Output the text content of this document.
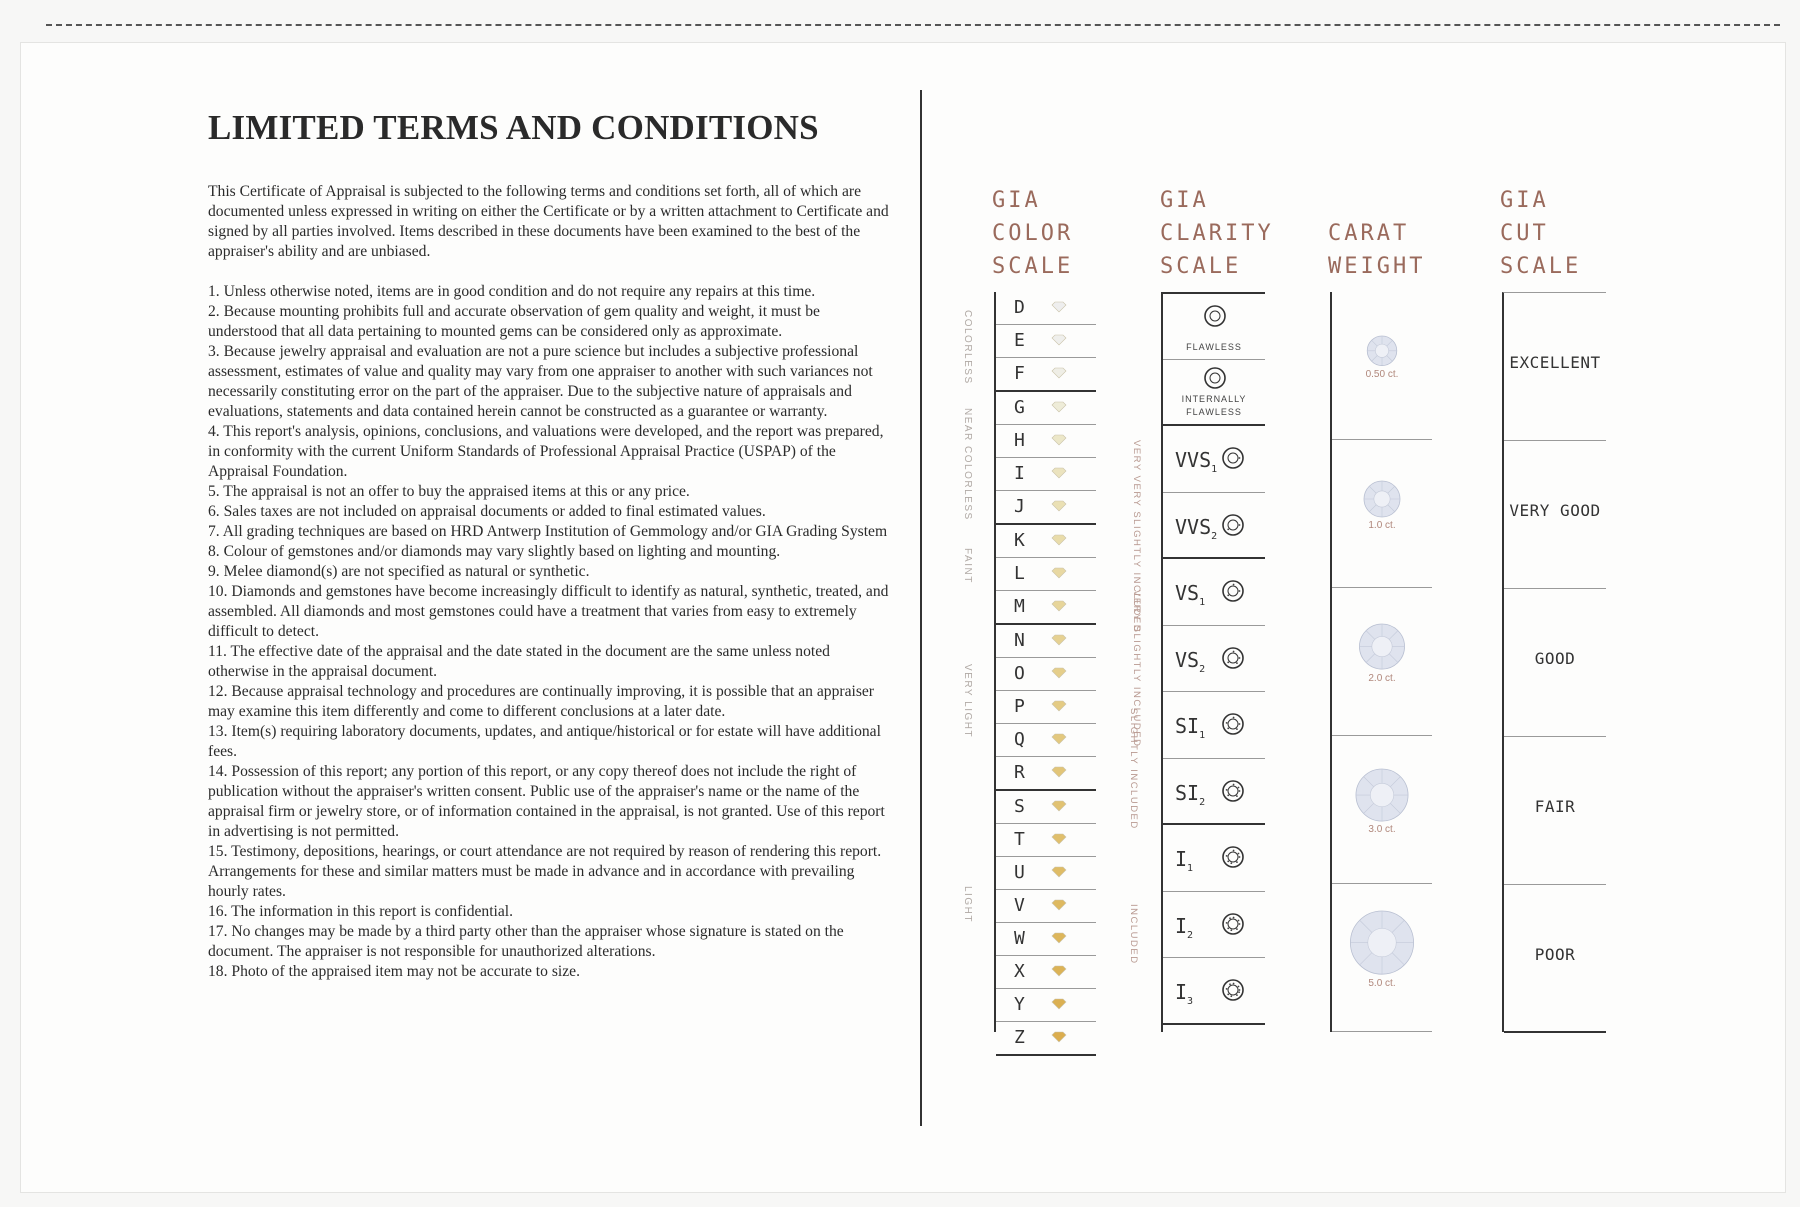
LIMITED TERMS AND CONDITIONS

This Certificate of Appraisal is subjected to the following terms and conditions set forth, all of which are documented unless expressed in writing on either the Certificate or by a written attachment to Certificate and signed by all parties involved. Items described in these documents have been examined to the best of the appraiser's ability and are unbiased.

1. Unless otherwise noted, items are in good condition and do not require any repairs at this time.
2. Because mounting prohibits full and accurate observation of gem quality and weight, it must be understood that all data pertaining to mounted gems can be considered only as approximate.
3. Because jewelry appraisal and evaluation are not a pure science but includes a subjective professional assessment, estimates of value and quality may vary from one appraiser to another with such variances not necessarily constituting error on the part of the appraiser. Due to the subjective nature of appraisals and evaluations, statements and data contained herein cannot be constructed as a guarantee or warranty.
4. This report's analysis, opinions, conclusions, and valuations were developed, and the report was prepared, in conformity with the current Uniform Standards of Professional Appraisal Practice (USPAP) of the Appraisal Foundation.
5. The appraisal is not an offer to buy the appraised items at this or any price.
6. Sales taxes are not included on appraisal documents or added to final estimated values.
7. All grading techniques are based on HRD Antwerp Institution of Gemmology and/or GIA Grading System
8. Colour of gemstones and/or diamonds may vary slightly based on lighting and mounting.
9. Melee diamond(s) are not specified as natural or synthetic.
10. Diamonds and gemstones have become increasingly difficult to identify as natural, synthetic, treated, and assembled. All diamonds and most gemstones could have a treatment that varies from easy to extremely difficult to detect.
11. The effective date of the appraisal and the date stated in the document are the same unless noted otherwise in the appraisal document.
12. Because appraisal technology and procedures are continually improving, it is possible that an appraiser may examine this item differently and come to different conclusions at a later date.
13. Item(s) requiring laboratory documents, updates, and antique/historical or for estate will have additional fees.
14. Possession of this report; any portion of this report, or any copy thereof does not include the right of publication without the appraiser's written consent. Public use of the appraiser's name or the name of the appraisal firm or jewelry store, or of information contained in the appraisal, is not granted. Use of this report in advertising is not permitted.
15. Testimony, depositions, hearings, or court attendance are not required by reason of rendering this report. Arrangements for these and similar matters must be made in advance and in accordance with prevailing hourly rates.
16. The information in this report is confidential.
17. No changes may be made by a third party other than the appraiser whose signature is stated on the document. The appraiser is not responsible for unauthorized alterations.
18. Photo of the appraised item may not be accurate to size.
GIA
COLOR
SCALE
GIA
CLARITY
SCALE
CARAT
WEIGHT
GIA
CUT
SCALE
COLORLESS
NEAR COLORLESS
FAINT
VERY LIGHT
LIGHT
D
E
F
G
H
I
J
K
L
M
N
O
P
Q
R
S
T
U
V
W
X
Y
Z
VERY VERY SLIGHTLY INCLUDED
VERY SLIGHTLY INCLUDED
SLIGHTLY INCLUDED
INCLUDED
FLAWLESS
INTERNALLY
FLAWLESS
$VVS_1$
$VVS_2$
$VS_1$
$VS_2$
$SI_1$
$SI_2$
$I_1$
$I_2$
$I_3$
0.50 ct.
1.0 ct.
2.0 ct.
3.0 ct.
5.0 ct.
EXCELLENT
VERY GOOD
GOOD
FAIR
POOR
